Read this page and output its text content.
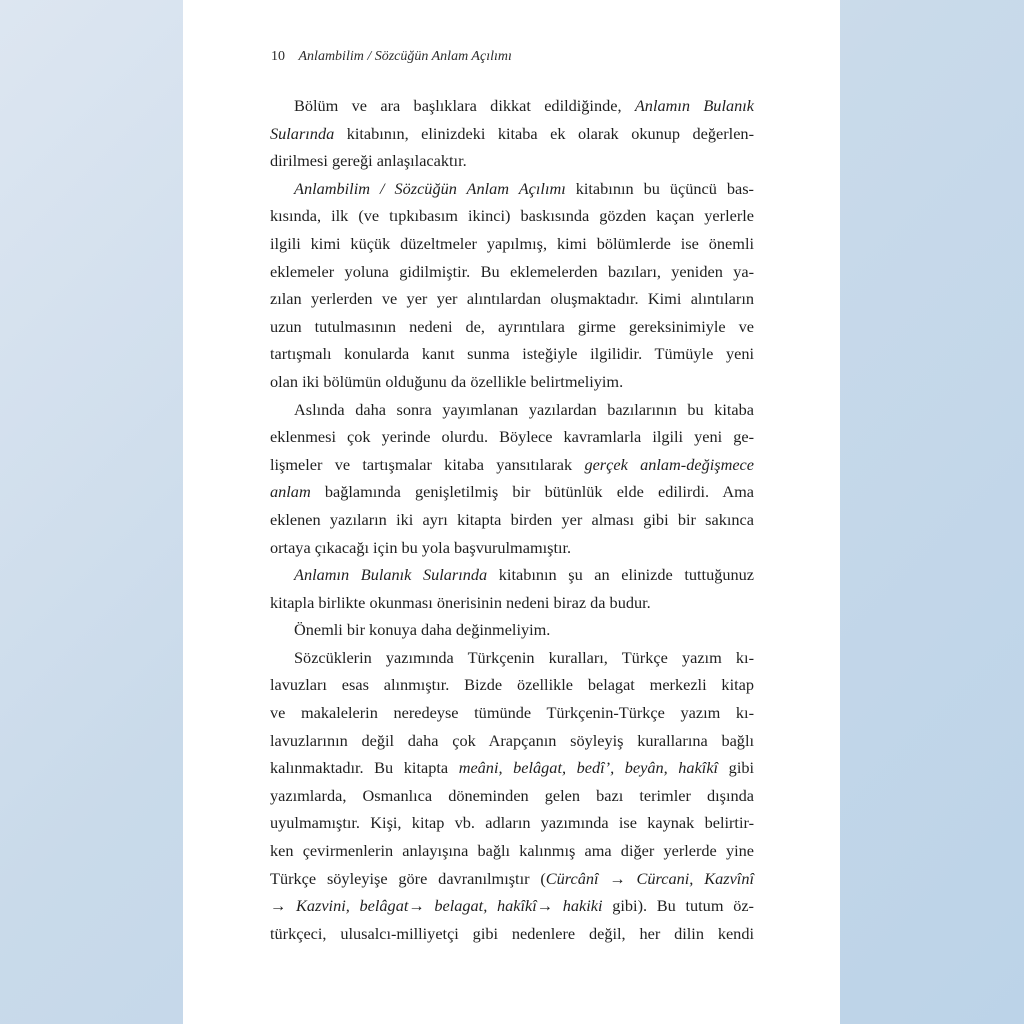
10 Anlambilim / Sözcüğün Anlam Açılımı
Bölüm ve ara başlıklara dikkat edildiğinde, Anlamın Bulanık
Sularında kitabının, elinizdeki kitaba ek olarak okunup değerlen-
dirilmesi gereği anlaşılacaktır.
Anlambilim / Sözcüğün Anlam Açılımı kitabının bu üçüncü bas-
kısında, ilk (ve tıpkıbasım ikinci) baskısında gözden kaçan yerlerle
ilgili kimi küçük düzeltmeler yapılmış, kimi bölümlerde ise önemli
eklemeler yoluna gidilmiştir. Bu eklemelerden bazıları, yeniden ya-
zılan yerlerden ve yer yer alıntılardan oluşmaktadır. Kimi alıntıların
uzun tutulmasının nedeni de, ayrıntılara girme gereksinimiyle ve
tartışmalı konularda kanıt sunma isteğiyle ilgilidir. Tümüyle yeni
olan iki bölümün olduğunu da özellikle belirtmeliyim.
Aslında daha sonra yayımlanan yazılardan bazılarının bu kitaba
eklenmesi çok yerinde olurdu. Böylece kavramlarla ilgili yeni ge-
lişmeler ve tartışmalar kitaba yansıtılarak gerçek anlam-değişmece
anlam bağlamında genişletilmiş bir bütünlük elde edilirdi. Ama
eklenen yazıların iki ayrı kitapta birden yer alması gibi bir sakınca
ortaya çıkacağı için bu yola başvurulmamıştır.
Anlamın Bulanık Sularında kitabının şu an elinizde tuttuğunuz
kitapla birlikte okunması önerisinin nedeni biraz da budur.
Önemli bir konuya daha değinmeliyim.
Sözcüklerin yazımında Türkçenin kuralları, Türkçe yazım kı-
lavuzları esas alınmıştır. Bizde özellikle belagat merkezli kitap
ve makalelerin neredeyse tümünde Türkçenin-Türkçe yazım kı-
lavuzlarının değil daha çok Arapçanın söyleyiş kurallarına bağlı
kalınmaktadır. Bu kitapta meâni, belâgat, bedî’, beyân, hakîkî gibi
yazımlarda, Osmanlıca döneminden gelen bazı terimler dışında
uyulmamıştır. Kişi, kitap vb. adların yazımında ise kaynak belirtir-
ken çevirmenlerin anlayışına bağlı kalınmış ama diğer yerlerde yine
Türkçe söyleyişe göre davranılmıştır (Cürcânî → Cürcani, Kazvînî
→ Kazvini, belâgat→ belagat, hakîkî→ hakiki gibi). Bu tutum öz-
türkçeci, ulusalcı-milliyetçi gibi nedenlere değil, her dilin kendi
